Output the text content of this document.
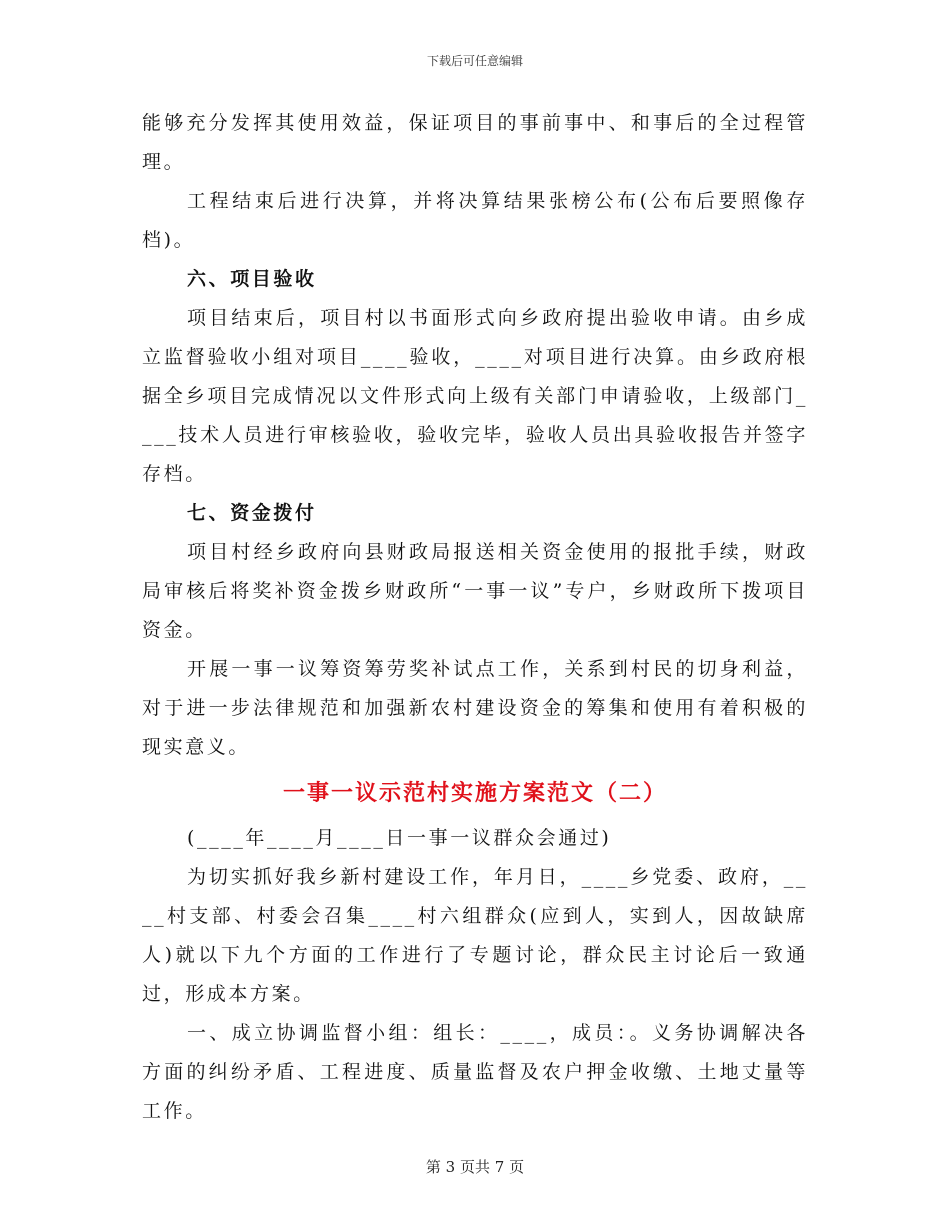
下载后可任意编辑

能够充分发挥其使用效益，保证项目的事前事中、和事后的全过程管理。

工程结束后进行决算，并将决算结果张榜公布(公布后要照像存档)。

六、项目验收

项目结束后，项目村以书面形式向乡政府提出验收申请。由乡成立监督验收小组对项目____验收，____对项目进行决算。由乡政府根据全乡项目完成情况以文件形式向上级有关部门申请验收，上级部门____技术人员进行审核验收，验收完毕，验收人员出具验收报告并签字存档。

七、资金拨付

项目村经乡政府向县财政局报送相关资金使用的报批手续，财政局审核后将奖补资金拨乡财政所“一事一议”专户，乡财政所下拨项目资金。

开展一事一议筹资筹劳奖补试点工作，关系到村民的切身利益，对于进一步法律规范和加强新农村建设资金的筹集和使用有着积极的现实意义。

一事一议示范村实施方案范文（二）

(____年____月____日一事一议群众会通过)

为切实抓好我乡新村建设工作，年月日，____乡党委、政府，____村支部、村委会召集____村六组群众(应到人，实到人，因故缺席人)就以下九个方面的工作进行了专题讨论，群众民主讨论后一致通过，形成本方案。

一、成立协调监督小组：组长：____，成员：。义务协调解决各方面的纠纷矛盾、工程进度、质量监督及农户押金收缴、土地丈量等工作。

第 3 页共 7 页
